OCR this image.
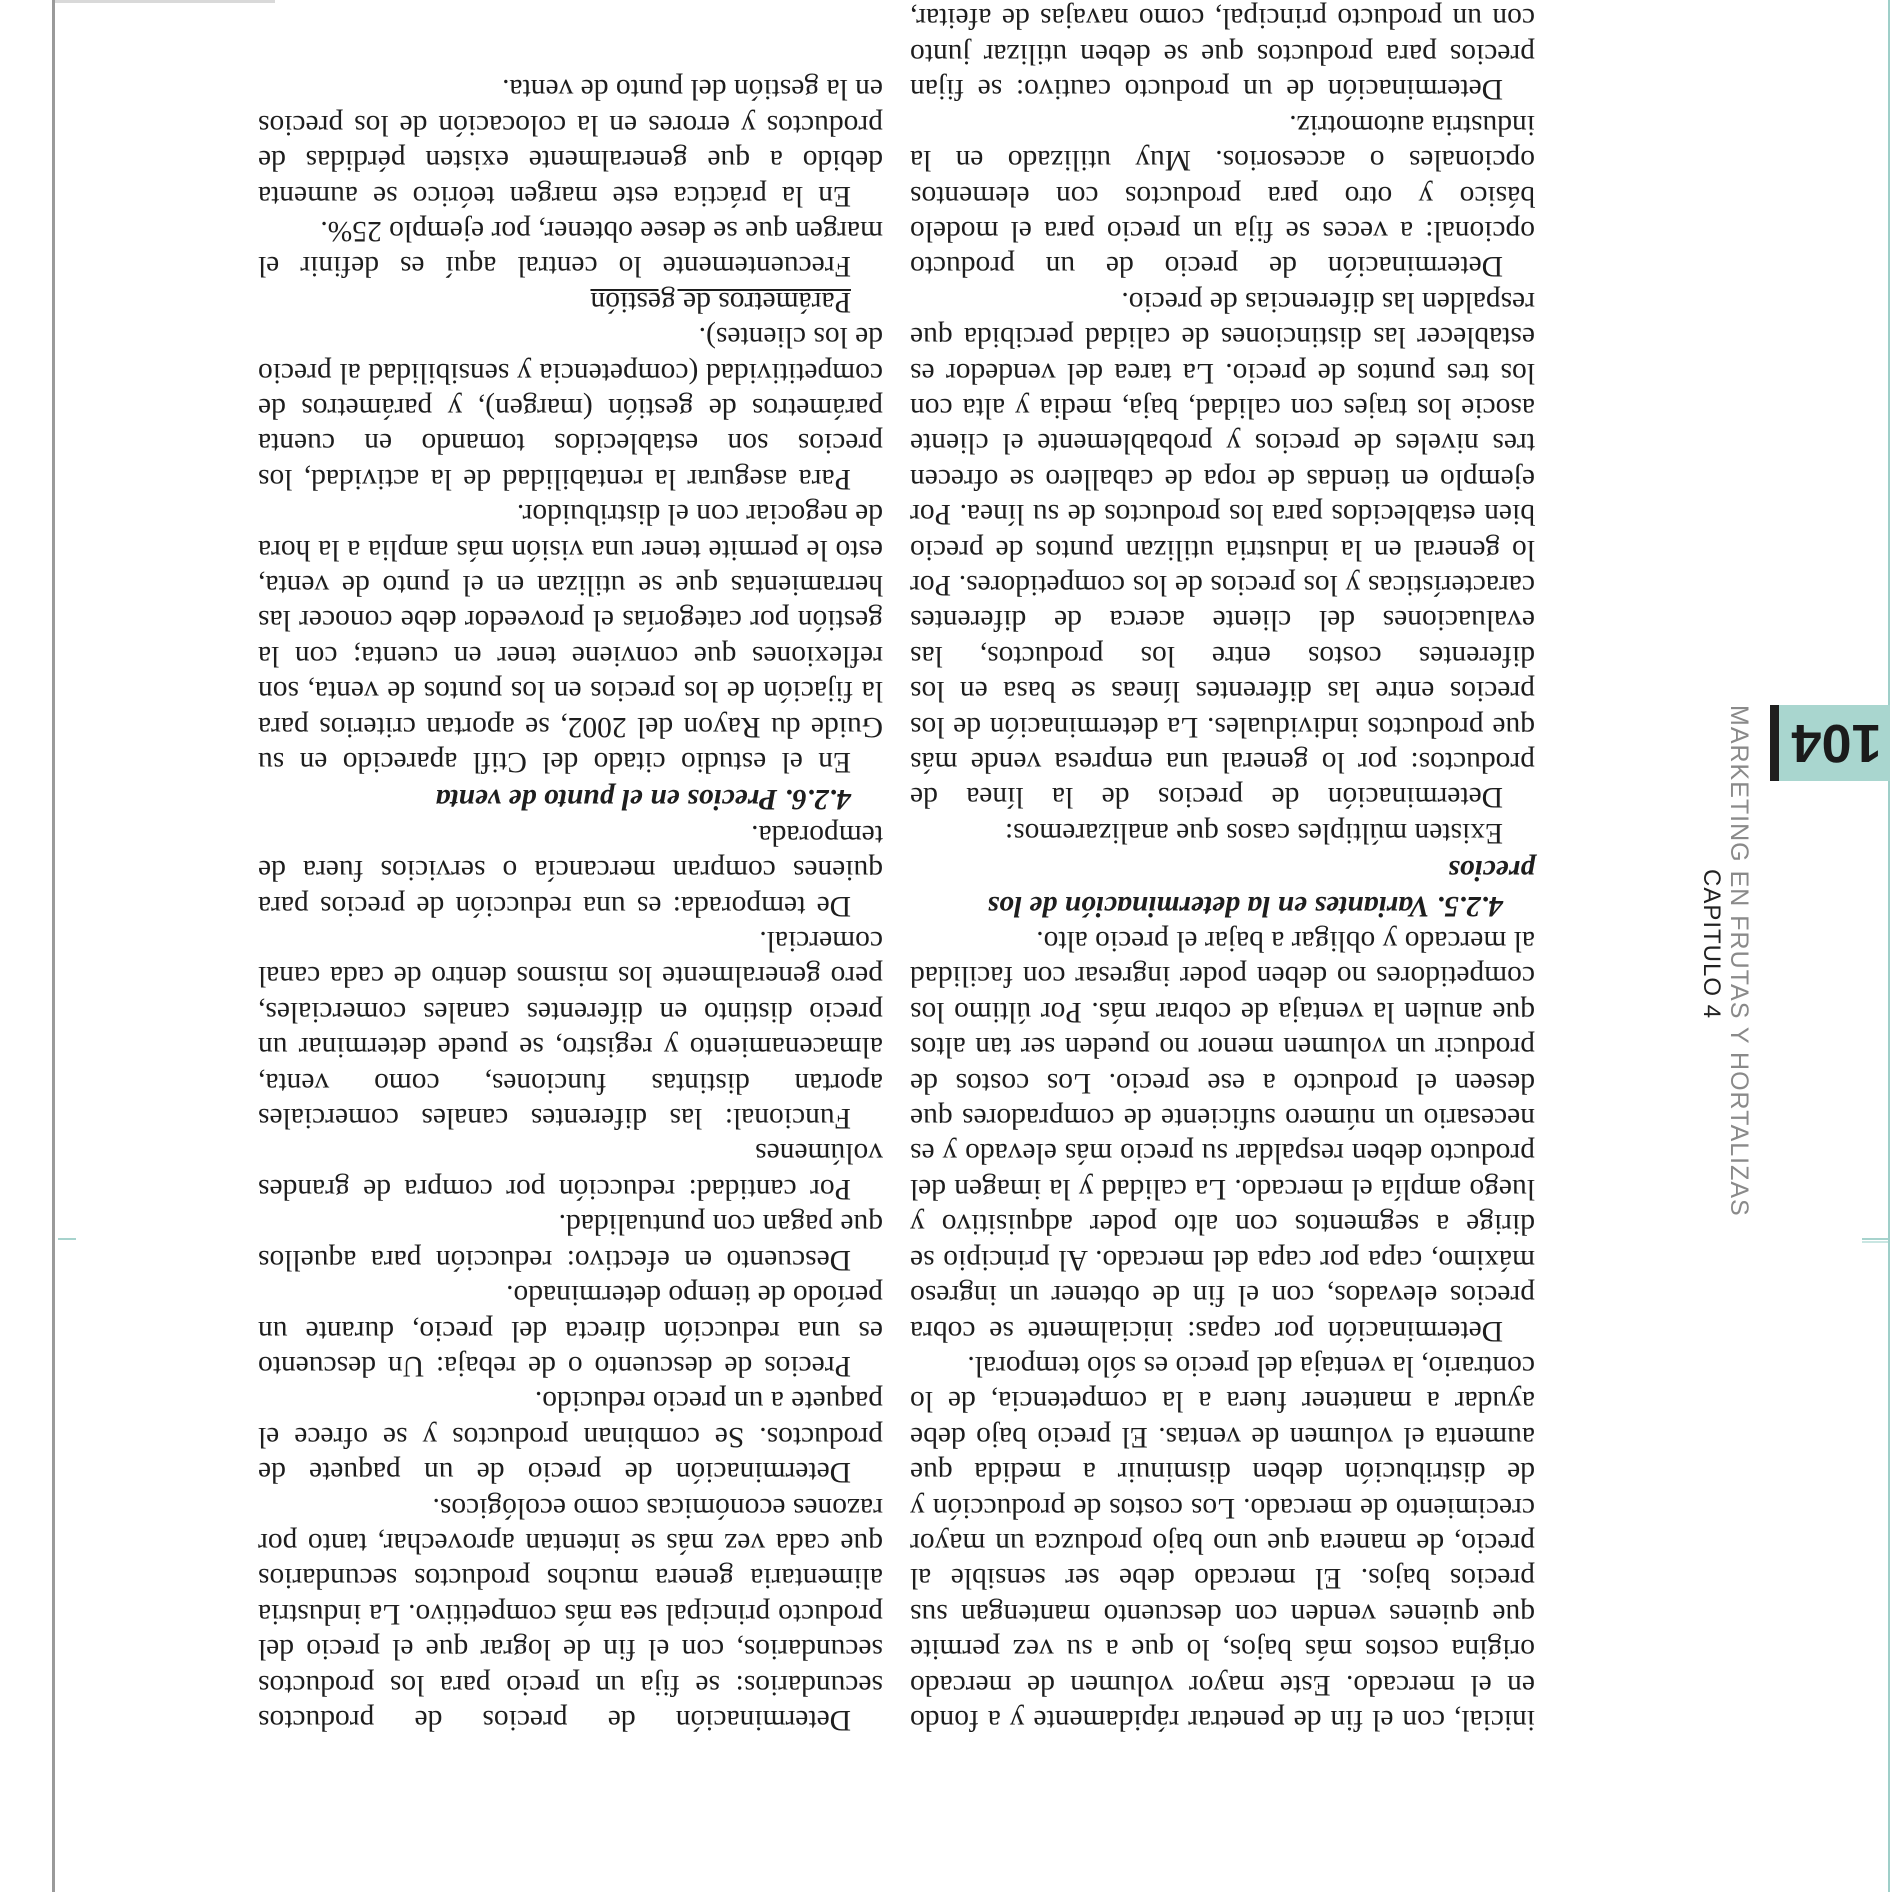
inicial, con el fin de penetrar rápidamente y a fondo en el mercado. Este mayor volumen de mercado origina costos más bajos, lo que a su vez permite que quienes venden con descuento mantengan sus precios bajos. El mercado debe ser sensible al precio, de manera que uno bajo produzca un mayor crecimiento de mercado. Los costos de producción y de distribución deben disminuir a medida que aumenta el volumen de ventas. El precio bajo debe ayudar a mantener fuera a la competencia, de lo contrario, la ventaja del precio es sólo temporal.

Determinación por capas: inicialmente se cobra precios elevados, con el fin de obtener un ingreso máximo, capa por capa del mercado. Al principio se dirige a segmentos con alto poder adquisitivo y luego amplía el mercado. La calidad y la imagen del producto deben respaldar su precio más elevado y es necesario un número suficiente de compradores que deseen el producto a ese precio. Los costos de producir un volumen menor no pueden ser tan altos que anulen la ventaja de cobrar más. Por último los competidores no deben poder ingresar con facilidad al mercado y obligar a bajar el precio alto.

4.2.5. Variantes en la determinación de los precios

Existen múltiples casos que analizaremos:

Determinación de precios de la línea de productos: por lo general una empresa vende más que productos individuales. La determinación de los precios entre las diferentes líneas se basa en los diferentes costos entre los productos, las evaluaciones del cliente acerca de diferentes características y los precios de los competidores. Por lo general en la industria utilizan puntos de precio bien establecidos para los productos de su línea. Por ejemplo en tiendas de ropa de caballero se ofrecen tres niveles de precios y probablemente el cliente asocie los trajes con calidad, baja, media y alta con los tres puntos de precio. La tarea del vendedor es establecer las distinciones de calidad percibida que respalden las diferencias de precio.

Determinación de precio de un producto opcional: a veces se fija un precio para el modelo básico y otro para productos con elementos opcionales o accesorios. Muy utilizado en la industria automotriz.

Determinación de un producto cautivo: se fijan precios para productos que se deben utilizar junto con un producto principal, como navajas de afeitar,

Determinación de precios de productos secundarios: se fija un precio para los productos secundarios, con el fin de lograr que el precio del producto principal sea más competitivo. La industria alimentaria genera muchos productos secundarios que cada vez más se intentan aprovechar, tanto por razones económicas como ecológicos.

Determinación de precio de un paquete de productos. Se combinan productos y se ofrece el paquete a un precio reducido.

Precios de descuento o de rebaja: Un descuento es una reducción directa del precio, durante un período de tiempo determinado.

Descuento en efectivo: reducción para aquellos que pagan con puntualidad.

Por cantidad: reducción por compra de grandes volúmenes

Funcional: las diferentes canales comerciales aportan distintas funciones, como venta, almacenamiento y registro, se puede determinar un precio distinto en diferentes canales comerciales, pero generalmente los mismos dentro de cada canal comercial.

De temporada: es una reducción de precios para quienes compran mercancía o servicios fuera de temporada.

4.2.6. Precios en el punto de venta

En el estudio citado del Ctifl aparecido en su Guide du Rayon del 2002, se aportan criterios para la fijación de los precios en los puntos de venta, son reflexiones que conviene tener en cuenta; con la gestión por categorías el proveedor debe conocer las herramientas que se utilizan en el punto de venta, esto le permite tener una visión más amplia a la hora de negociar con el distribuidor.

Para asegurar la rentabilidad de la actividad, los precios son establecidos tomando en cuenta parámetros de gestión (margen), y parámetros de competitividad (competencia y sensibilidad al precio de los clientes).

Parámetros de gestión

Frecuentemente lo central aquí es definir el margen que se desee obtener, por ejemplo 25%.

En la práctica este margen teórico se aumenta debido a que generalmente existen pérdidas de productos y errores en la colocación de los precios en la gestión del punto de venta.

104
MARKETING EN FRUTAS Y HORTALIZAS
CAPITULO 4
